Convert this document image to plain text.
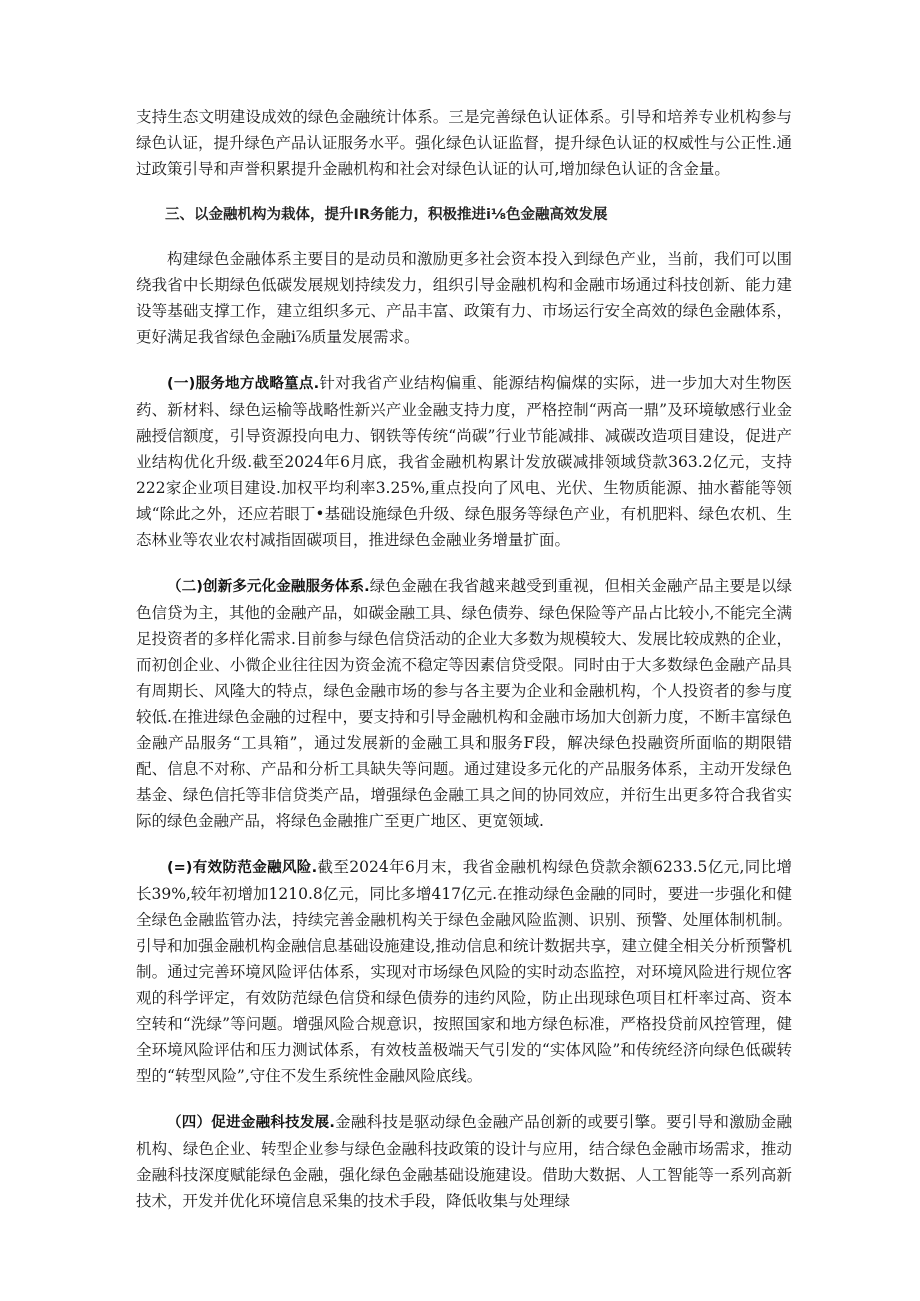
支持生态文明建设成效的绿色金融统计体系。三是完善绿色认证体系。引导和培养专业机构参与绿色认证，提升绿色产品认证服务水平。强化绿色认证监督，提升绿色认证的权威性与公正性.通过政策引导和声誉积累提升金融机构和社会对绿色认证的认可,增加绿色认证的含金量。

三、以金融机构为栽体，提升IR务能力，积极推进i⅛色金融高效发展

构建绿色金融体系主要目的是动员和激励更多社会资本投入到绿色产业，当前，我们可以围绕我省中长期绿色低碳发展规划持续发力，组织引导金融机构和金融市场通过科技创新、能力建设等基础支撑工作，建立组织多元、产品丰富、政策有力、市场运行安全高效的绿色金融体系，更好满足我省绿色金融i⅞质量发展需求。

(一)服务地方战略篁点.针对我省产业结构偏重、能源结构偏煤的实际，进一步加大对生物医药、新材料、绿色运榆等战略性新兴产业金融支持力度，严格控制“两高一鼎”及环境敏感行业金融授信额度，引导资源投向电力、钢铁等传统“尚碳”行业节能减排、减碳改造项目建设，促进产业结构优化升级.截至2024年6月底，我省金融机构累计发放碳减排领域贷款363.2亿元，支持222家企业项目建设.加权平均利率3.25%,重点投向了风电、光伏、生物质能源、抽水蓄能等领域“除此之外，还应若眼丁•基础设施绿色升级、绿色服务等绿色产业，有机肥料、绿色农机、生态林业等农业农村减指固碳项目，推进绿色金融业务增量扩面。

（二)创新多元化金融服务体系.绿色金融在我省越来越受到重视，但相关金融产品主要是以绿色信贷为主，其他的金融产品，如碳金融工具、绿色债券、绿色保险等产品占比较小,不能完全满足投资者的多样化需求.目前参与绿色信贷活动的企业大多数为规模较大、发展比较成熟的企业，而初创企业、小微企业往往因为资金流不稳定等因素信贷受限。同时由于大多数绿色金融产品具有周期长、风隆大的特点，绿色金融市场的参与各主要为企业和金融机构，个人投资者的参与度较低.在推进绿色金融的过程中，要支持和引导金融机构和金融市场加大创新力度，不断丰富绿色金融产品服务“工具箱”，通过发展新的金融工具和服务F段，解决绿色投融资所面临的期限错配、信息不对称、产品和分析工具缺失等问题。通过建设多元化的产品服务体系，主动开发绿色基金、绿色信托等非信贷类产品，增强绿色金融工具之间的协同效应，并衍生出更多符合我省实际的绿色金融产品，将绿色金融推广至更广地区、更宽领域.

(=)有效防范金融风险.截至2024年6月末，我省金融机构绿色贷款余额6233.5亿元,同比增长39%,较年初增加1210.8亿元，同比多增417亿元.在推动绿色金融的同时，要进一步强化和健全绿色金融监管办法，持续完善金融机构关于绿色金融风险监测、识别、预警、处厘体制机制。引导和加强金融机构金融信息基础设施建设,推动信息和统计数据共享，建立健全相关分析预警机制。通过完善环境风险评估体系，实现对市场绿色风险的实时动态监控，对环境风险进行规位客观的科学评定，有效防范绿色信贷和绿色债券的违约风险，防止出现球色项目杠杆率过高、资本空转和“洗绿”等问题。增强风险合规意识，按照国家和地方绿色标准，严格投贷前风控管理，健全环境风险评估和压力测试体系，有效枝盖极端天气引发的“实体风险”和传统经济向绿色低碳转型的“转型风险”,守住不发生系统性金融风险底线。

（四）促进金融科技发展.金融科技是驱动绿色金融产品创新的或要引擎。要引导和激励金融机构、绿色企业、转型企业参与绿色金融科技政策的设计与应用，结合绿色金融市场需求，推动金融科技深度赋能绿色金融，强化绿色金融基础设施建设。借助大数据、人工智能等一系列高新技术，开发并优化环境信息采集的技术手段，降低收集与处理绿
